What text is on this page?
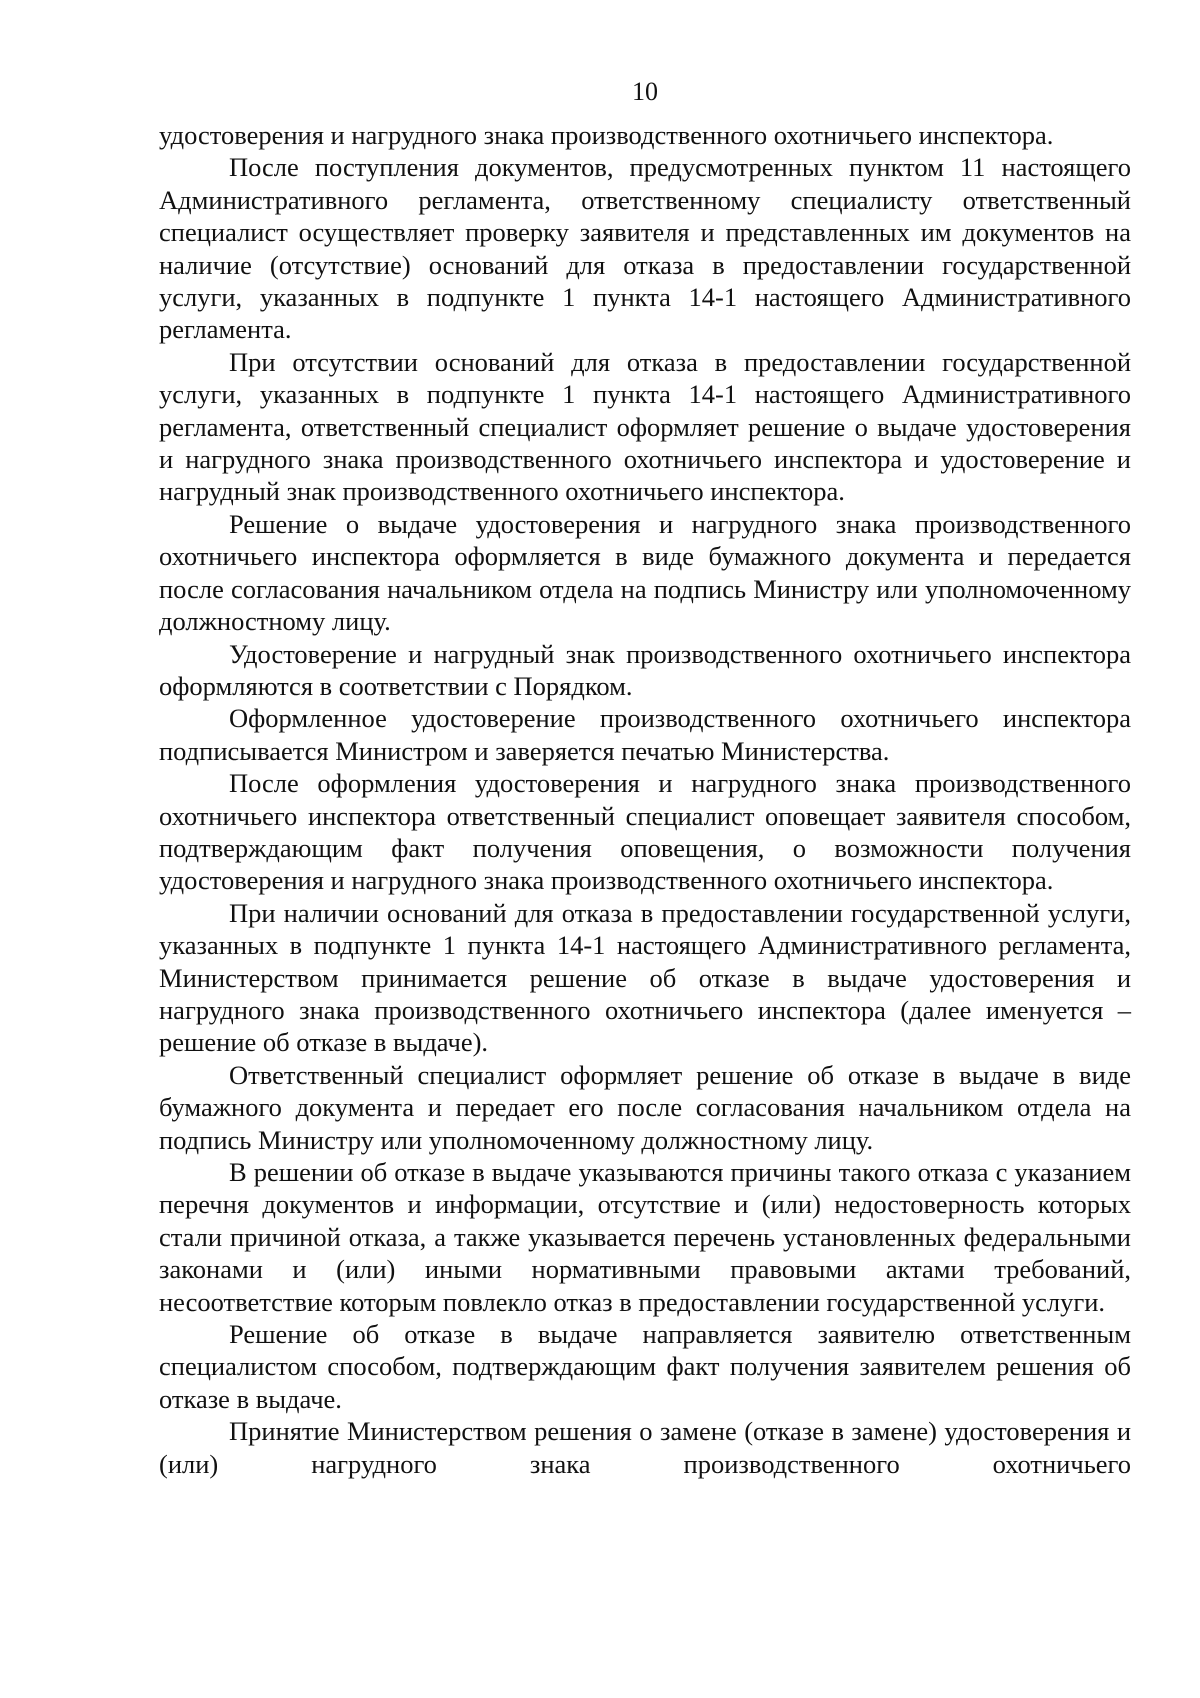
10

удостоверения и нагрудного знака производственного охотничьего инспектора.

После поступления документов, предусмотренных пунктом 11 настоящего Административного регламента, ответственному специалисту ответственный специалист осуществляет проверку заявителя и представленных им документов на наличие (отсутствие) оснований для отказа в предоставлении государственной услуги, указанных в подпункте 1 пункта 14-1 настоящего Административного регламента.

При отсутствии оснований для отказа в предоставлении государственной услуги, указанных в подпункте 1 пункта 14-1 настоящего Административного регламента, ответственный специалист оформляет решение о выдаче удостоверения и нагрудного знака производственного охотничьего инспектора и удостоверение и нагрудный знак производственного охотничьего инспектора.

Решение о выдаче удостоверения и нагрудного знака производственного охотничьего инспектора оформляется в виде бумажного документа и передается после согласования начальником отдела на подпись Министру или уполномоченному должностному лицу.

Удостоверение и нагрудный знак производственного охотничьего инспектора оформляются в соответствии с Порядком.

Оформленное удостоверение производственного охотничьего инспектора подписывается Министром и заверяется печатью Министерства.

После оформления удостоверения и нагрудного знака производственного охотничьего инспектора ответственный специалист оповещает заявителя способом, подтверждающим факт получения оповещения, о возможности получения удостоверения и нагрудного знака производственного охотничьего инспектора.

При наличии оснований для отказа в предоставлении государственной услуги, указанных в подпункте 1 пункта 14-1 настоящего Административного регламента, Министерством принимается решение об отказе в выдаче удостоверения и нагрудного знака производственного охотничьего инспектора (далее именуется – решение об отказе в выдаче).

Ответственный специалист оформляет решение об отказе в выдаче в виде бумажного документа и передает его после согласования начальником отдела на подпись Министру или уполномоченному должностному лицу.

В решении об отказе в выдаче указываются причины такого отказа с указанием перечня документов и информации, отсутствие и (или) недостоверность которых стали причиной отказа, а также указывается перечень установленных федеральными законами и (или) иными нормативными правовыми актами требований, несоответствие которым повлекло отказ в предоставлении государственной услуги.

Решение об отказе в выдаче направляется заявителю ответственным специалистом способом, подтверждающим факт получения заявителем решения об отказе в выдаче.

Принятие Министерством решения о замене (отказе в замене) удостоверения и (или) нагрудного знака производственного охотничьего
